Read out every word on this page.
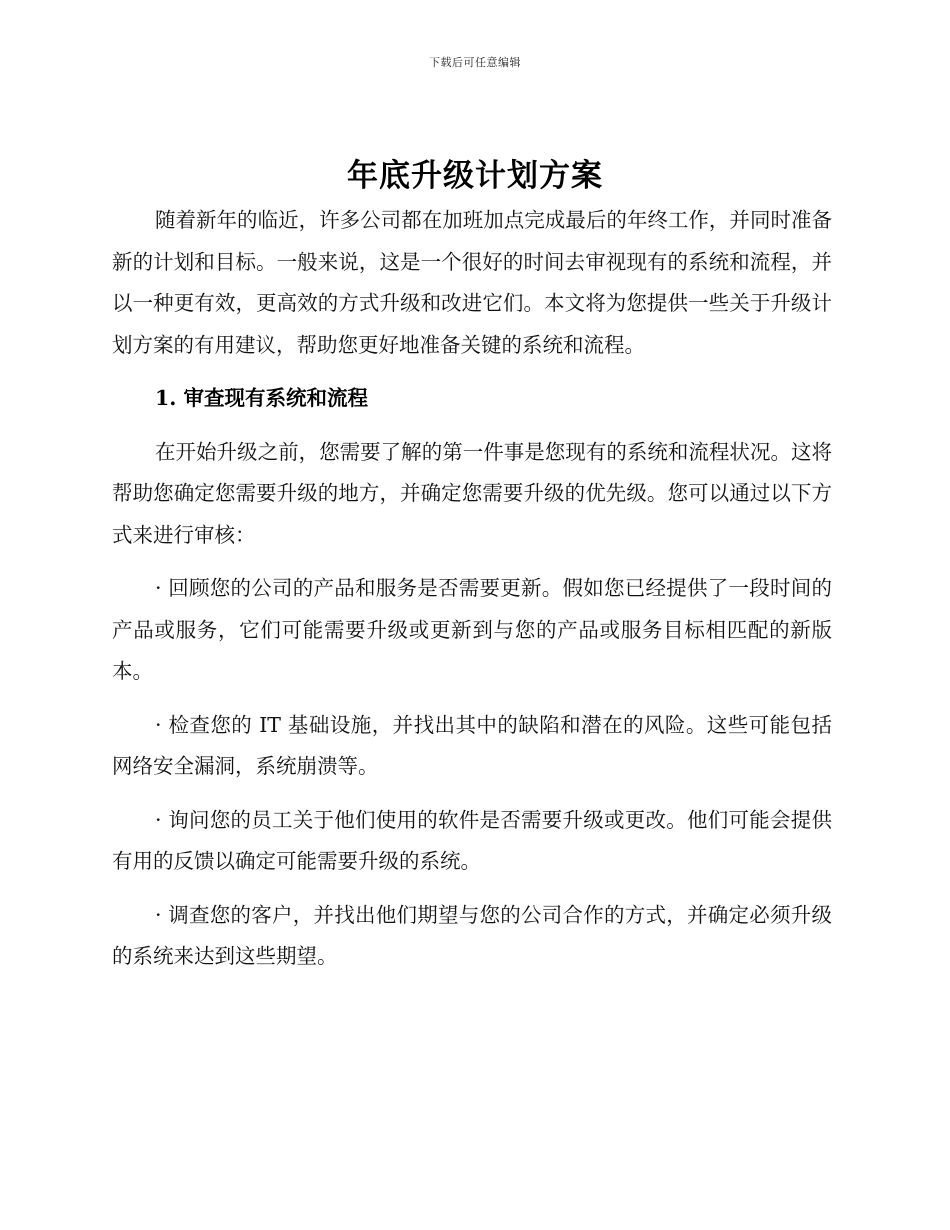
下载后可任意编辑
年底升级计划方案

随着新年的临近，许多公司都在加班加点完成最后的年终工作，并同时准备新的计划和目标。一般来说，这是一个很好的时间去审视现有的系统和流程，并以一种更有效，更高效的方式升级和改进它们。本文将为您提供一些关于升级计划方案的有用建议，帮助您更好地准备关键的系统和流程。

1. 审查现有系统和流程

在开始升级之前，您需要了解的第一件事是您现有的系统和流程状况。这将帮助您确定您需要升级的地方，并确定您需要升级的优先级。您可以通过以下方式来进行审核：

· 回顾您的公司的产品和服务是否需要更新。假如您已经提供了一段时间的产品或服务，它们可能需要升级或更新到与您的产品或服务目标相匹配的新版本。

· 检查您的 IT 基础设施，并找出其中的缺陷和潜在的风险。这些可能包括网络安全漏洞，系统崩溃等。

· 询问您的员工关于他们使用的软件是否需要升级或更改。他们可能会提供有用的反馈以确定可能需要升级的系统。

· 调查您的客户，并找出他们期望与您的公司合作的方式，并确定必须升级的系统来达到这些期望。
